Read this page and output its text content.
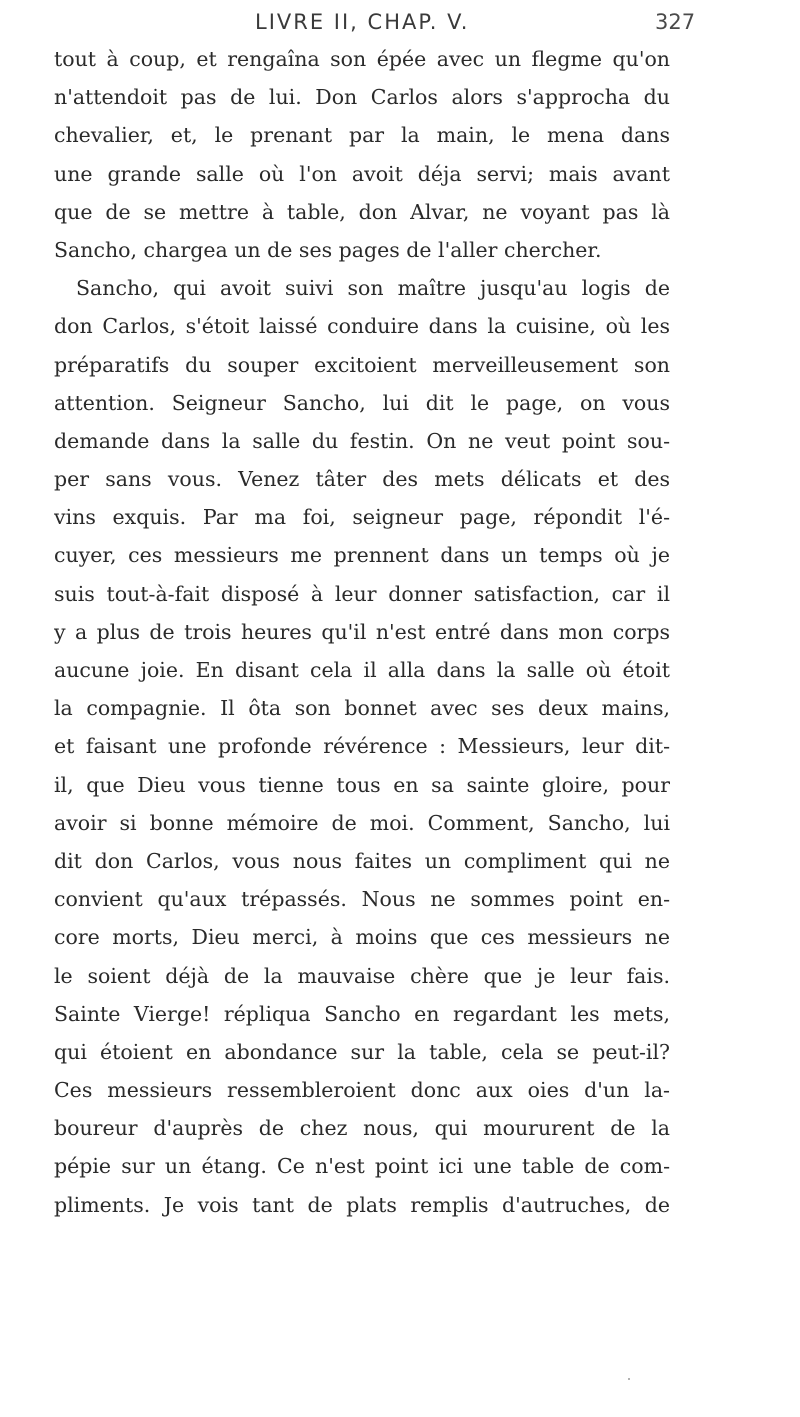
LIVRE II, CHAP. V.	327
tout à coup, et rengaîna son épée avec un flegme qu'on
n'attendoit pas de lui. Don Carlos alors s'approcha du
chevalier, et, le prenant par la main, le mena dans
une grande salle où l'on avoit déja servi; mais avant
que de se mettre à table, don Alvar, ne voyant pas là
Sancho, chargea un de ses pages de l'aller chercher.
Sancho, qui avoit suivi son maître jusqu'au logis de
don Carlos, s'étoit laissé conduire dans la cuisine, où les
préparatifs du souper excitoient merveilleusement son
attention. Seigneur Sancho, lui dit le page, on vous
demande dans la salle du festin. On ne veut point sou-
per sans vous. Venez tâter des mets délicats et des
vins exquis. Par ma foi, seigneur page, répondit l'é-
cuyer, ces messieurs me prennent dans un temps où je
suis tout-à-fait disposé à leur donner satisfaction, car il
y a plus de trois heures qu'il n'est entré dans mon corps
aucune joie. En disant cela il alla dans la salle où étoit
la compagnie. Il ôta son bonnet avec ses deux mains,
et faisant une profonde révérence : Messieurs, leur dit-
il, que Dieu vous tienne tous en sa sainte gloire, pour
avoir si bonne mémoire de moi. Comment, Sancho, lui
dit don Carlos, vous nous faites un compliment qui ne
convient qu'aux trépassés. Nous ne sommes point en-
core morts, Dieu merci, à moins que ces messieurs ne
le soient déjà de la mauvaise chère que je leur fais.
Sainte Vierge! répliqua Sancho en regardant les mets,
qui étoient en abondance sur la table, cela se peut-il?
Ces messieurs ressembleroient donc aux oies d'un la-
boureur d'auprès de chez nous, qui moururent de la
pépie sur un étang. Ce n'est point ici une table de com-
pliments. Je vois tant de plats remplis d'autruches, de
